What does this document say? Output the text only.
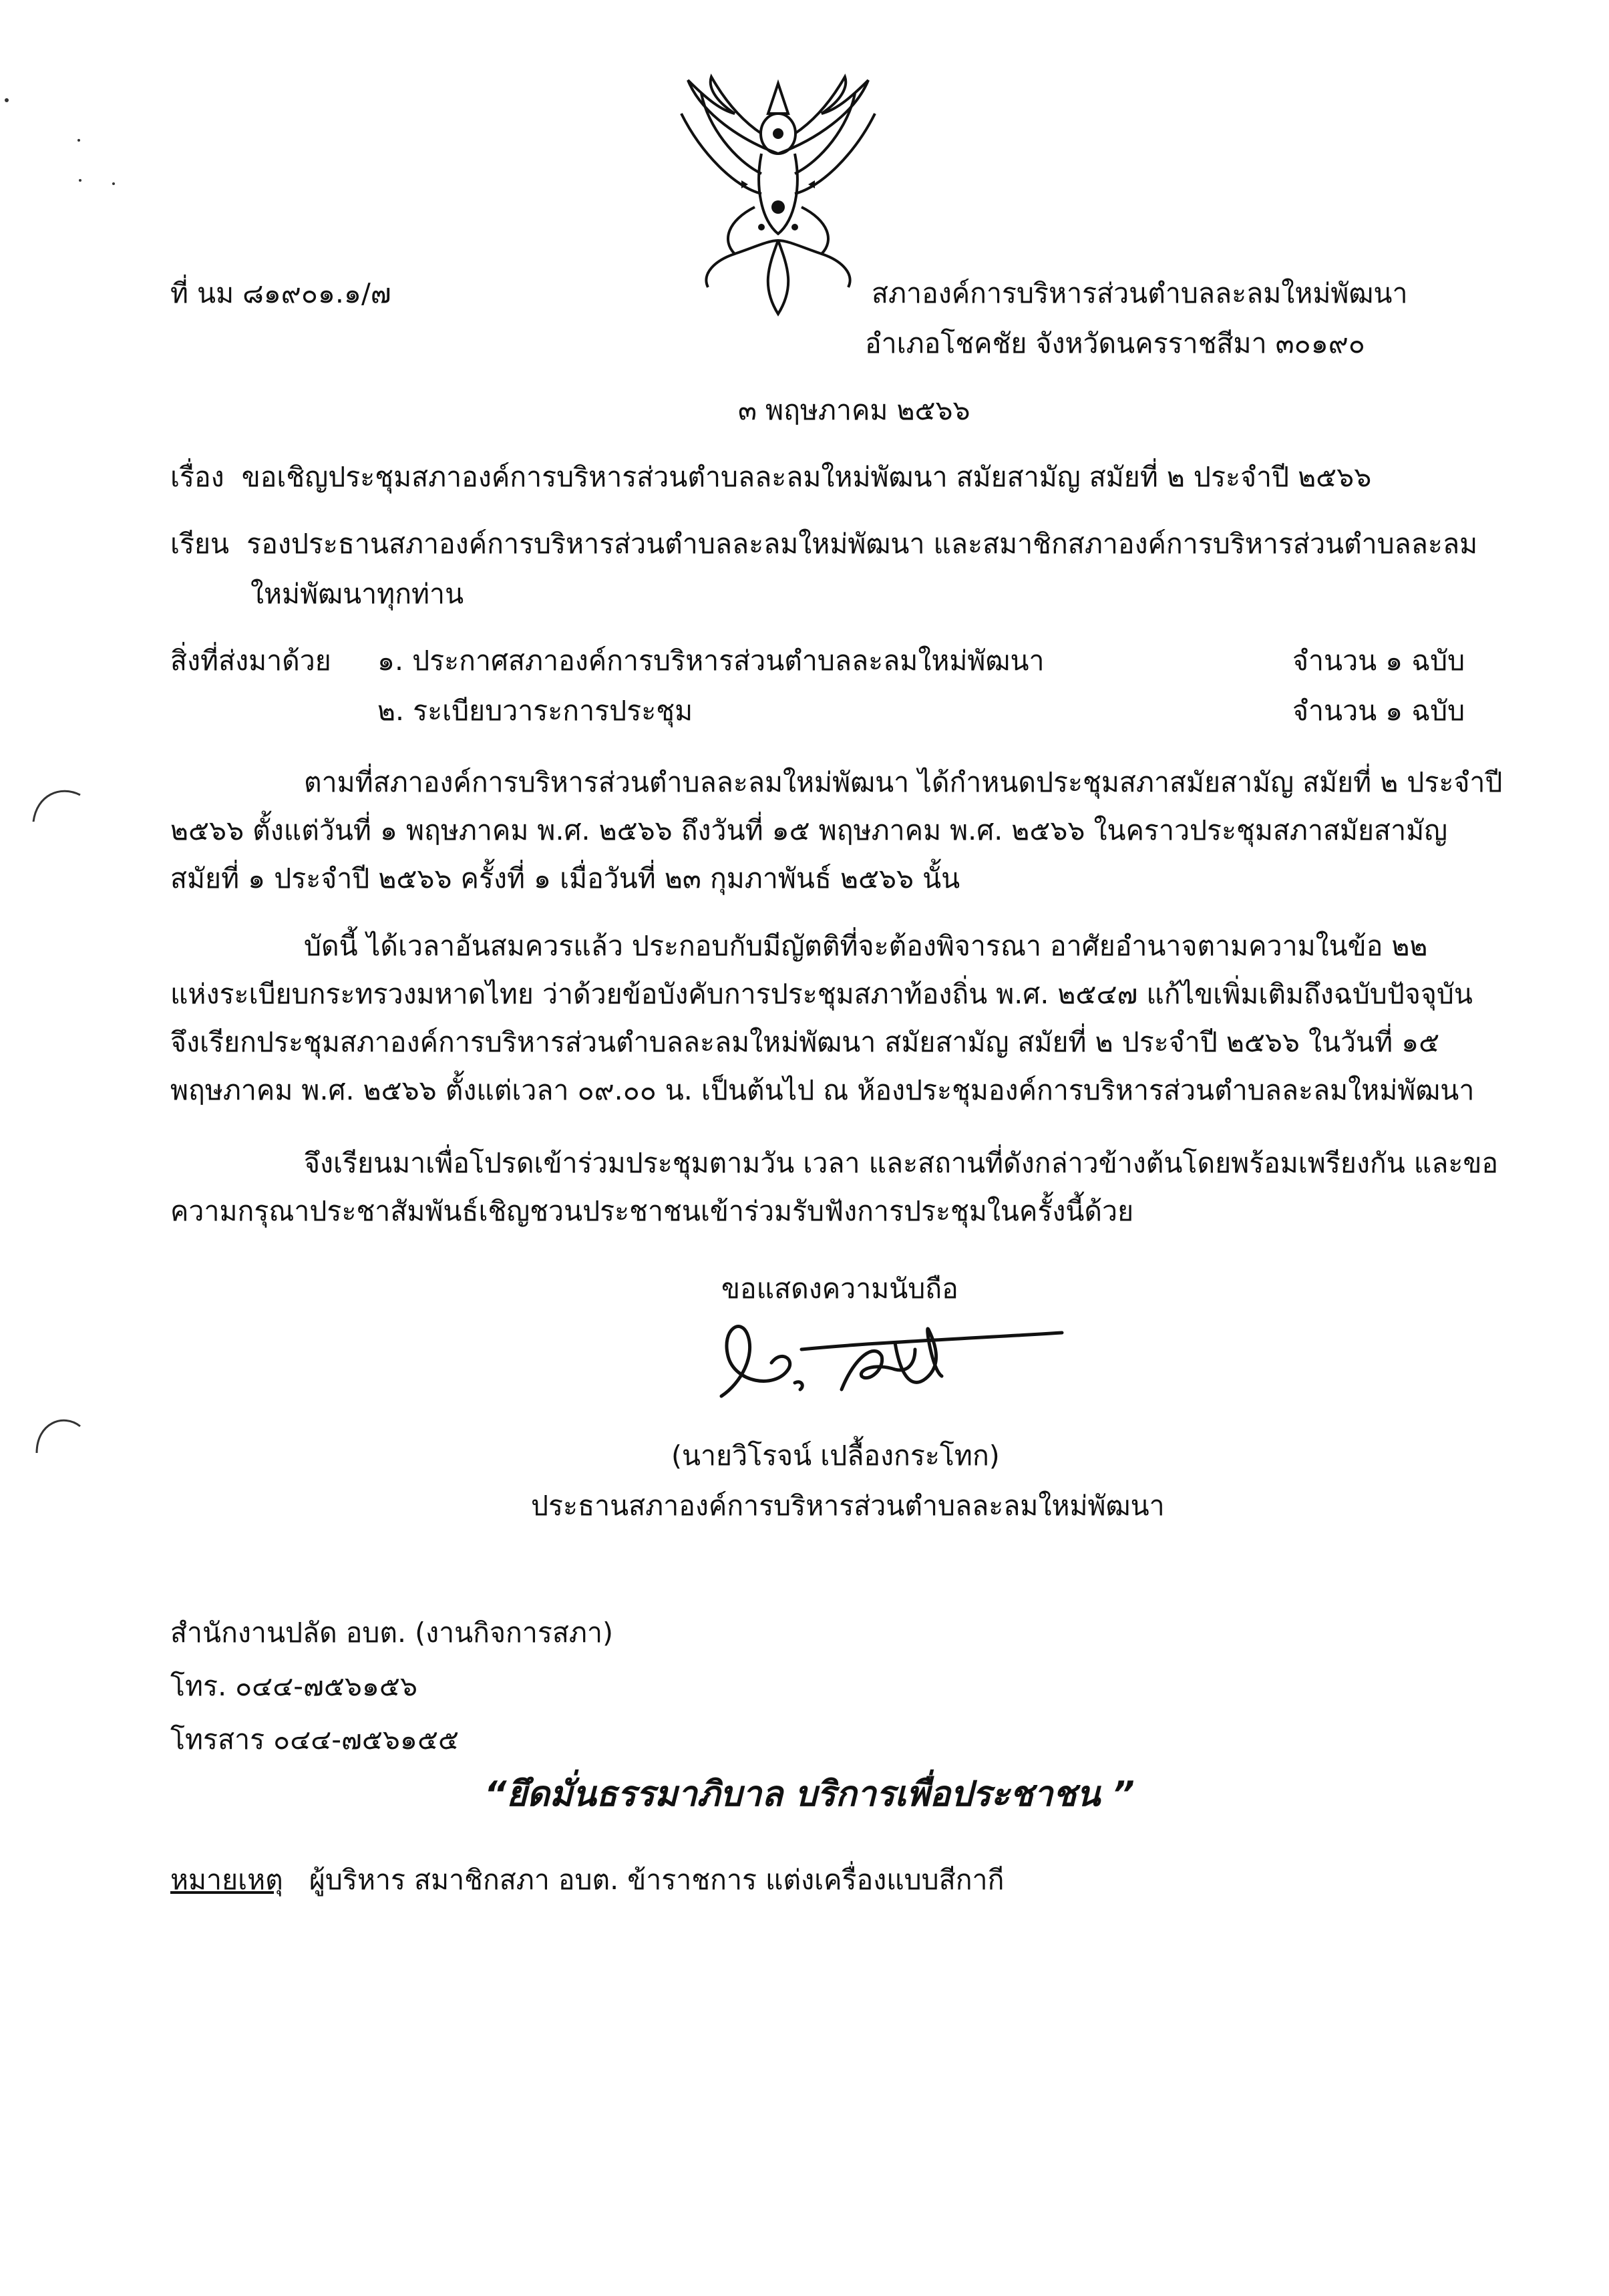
ที่ นม ๘๑๙๐๑.๑/๗	สภาองค์การบริหารส่วนตำบลละลมใหม่พัฒนา
อำเภอโชคชัย จังหวัดนครราชสีมา ๓๐๑๙๐
๓ พฤษภาคม ๒๕๖๖
เรื่อง ขอเชิญประชุมสภาองค์การบริหารส่วนตำบลละลมใหม่พัฒนา สมัยสามัญ สมัยที่ ๒ ประจำปี ๒๕๖๖
เรียน รองประธานสภาองค์การบริหารส่วนตำบลละลมใหม่พัฒนา และสมาชิกสภาองค์การบริหารส่วนตำบลละลม
ใหม่พัฒนาทุกท่าน
สิ่งที่ส่งมาด้วย ๑. ประกาศสภาองค์การบริหารส่วนตำบลละลมใหม่พัฒนา	จำนวน ๑ ฉบับ
๒. ระเบียบวาระการประชุม	จำนวน ๑ ฉบับ
ตามที่สภาองค์การบริหารส่วนตำบลละลมใหม่พัฒนา ได้กำหนดประชุมสภาสมัยสามัญ สมัยที่ ๒ ประจำปี
๒๕๖๖ ตั้งแต่วันที่ ๑ พฤษภาคม พ.ศ. ๒๕๖๖ ถึงวันที่ ๑๕ พฤษภาคม พ.ศ. ๒๕๖๖ ในคราวประชุมสภาสมัยสามัญ
สมัยที่ ๑ ประจำปี ๒๕๖๖ ครั้งที่ ๑ เมื่อวันที่ ๒๓ กุมภาพันธ์ ๒๕๖๖ นั้น
บัดนี้ ได้เวลาอันสมควรแล้ว ประกอบกับมีญัตติที่จะต้องพิจารณา อาศัยอำนาจตามความในข้อ ๒๒
แห่งระเบียบกระทรวงมหาดไทย ว่าด้วยข้อบังคับการประชุมสภาท้องถิ่น พ.ศ. ๒๕๔๗ แก้ไขเพิ่มเติมถึงฉบับปัจจุบัน
จึงเรียกประชุมสภาองค์การบริหารส่วนตำบลละลมใหม่พัฒนา สมัยสามัญ สมัยที่ ๒ ประจำปี ๒๕๖๖ ในวันที่ ๑๕
พฤษภาคม พ.ศ. ๒๕๖๖ ตั้งแต่เวลา ๐๙.๐๐ น. เป็นต้นไป ณ ห้องประชุมองค์การบริหารส่วนตำบลละลมใหม่พัฒนา
จึงเรียนมาเพื่อโปรดเข้าร่วมประชุมตามวัน เวลา และสถานที่ดังกล่าวข้างต้นโดยพร้อมเพรียงกัน และขอ
ความกรุณาประชาสัมพันธ์เชิญชวนประชาชนเข้าร่วมรับฟังการประชุมในครั้งนี้ด้วย
ขอแสดงความนับถือ
(นายวิโรจน์ เปลื้องกระโทก)
ประธานสภาองค์การบริหารส่วนตำบลละลมใหม่พัฒนา
สำนักงานปลัด อบต. (งานกิจการสภา)
โทร. ๐๔๔-๗๕๖๑๕๖
โทรสาร ๐๔๔-๗๕๖๑๕๕
“ยึดมั่นธรรมาภิบาล บริการเพื่อประชาชน ”
หมายเหตุ ผู้บริหาร สมาชิกสภา อบต. ข้าราชการ แต่งเครื่องแบบสีกากี
